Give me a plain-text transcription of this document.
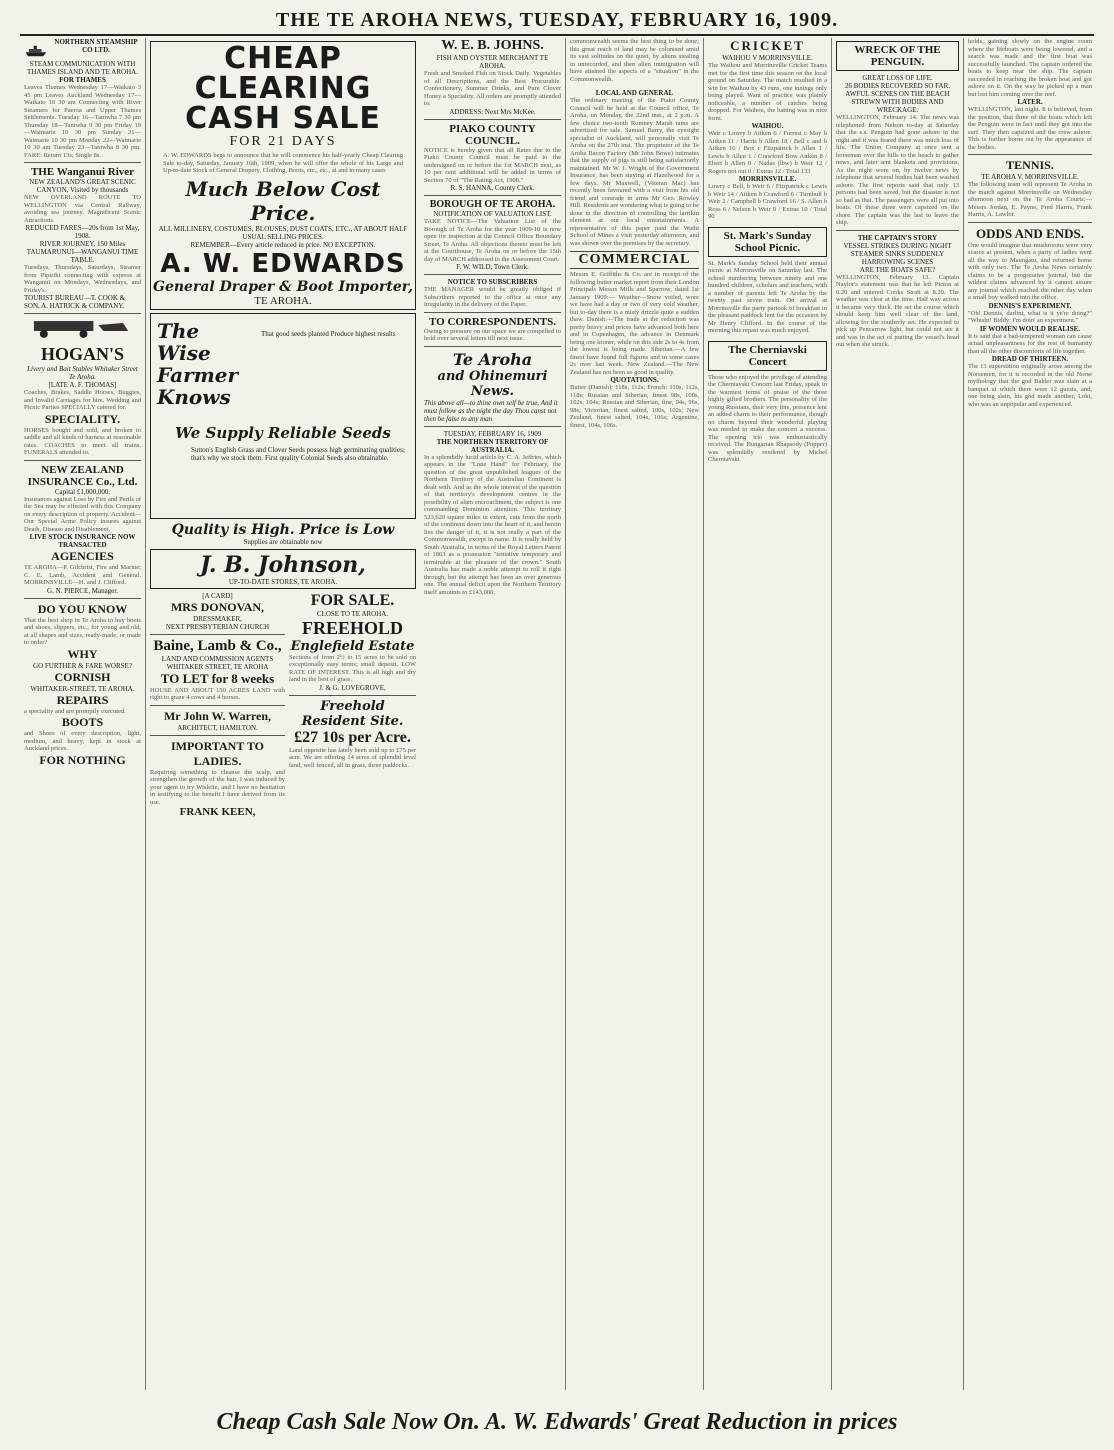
THE TE AROHA NEWS,
TUESDAY,
FEBRUARY 16, 1909.
NORTHERN STEAMSHIP CO LTD.
STEAM COMMUNICATION WITH THAMES ISLAND AND TE AROHA.
FOR THAMES
Leaves Thames Wednesday 17—Waikato 3 45 pm Leaves Auckland Wednesday 17—Waikato 10 30 am Connecting with River Steamers for Paeroa and Upper Thames Settlements. Tuesday 16—Taniwha 7 30 pm Thursday 18—Taniwha 9 30 pm Friday 19—Waimarie 10 30 pm Sunday 21—Waimarie 10 30 pm Monday 22—Waimarie 10 30 am Tuesday 23—Taniwha 8 30 pm. FARE: Return 13s; Single 8s.
THE Wanganui River
NEW ZEALAND'S GREAT SCENIC CANYON, Visited by thousands
NEW OVERLAND ROUTE TO WELLINGTON via Central Railway, avoiding sea journey. Magnificent Scenic Attractions.
REDUCED FARES—20s from 1st May, 1908.
RIVER JOURNEY, 150 Miles
TAUMARUNUI—WANGANUI TIME TABLE.
Tuesdays, Thursdays, Saturdays, Steamer from Pipiriki connecting with express at Wanganui on Mondays, Wednesdays, and Friday's.
TOURIST BUREAU—T. COOK & SON, A. HATRICK & COMPANY.
HOGAN'S
Livery and Bait Stables Whitaker Street Te Aroha.
[LATE A. F. THOMAS]
Coaches, Brakes, Saddle Horses, Buggies, and Invalid Carriages for hire. Wedding and Picnic Parties SPECIALLY catered for.
SPECIALITY.
HORSES bought and sold, and broken to saddle and all kinds of harness at reasonable rates. COACHES to meet all trains. FUNERALS attended to.
NEW ZEALAND INSURANCE Co., Ltd.
Capital £1,000,000.
Insurances against Loss by Fire and Perils of the Sea may be effected with this Company on every description of property. Accident—Our Special Acme Policy insures against Death, Disease and Disablement.
LIVE STOCK INSURANCE NOW TRANSACTED
AGENCIES
TE AROHA—P. Gilchrist, Fire and Marine; C. E. Lamb, Accident and General. MORRINSVILLE—H. and J. Clifford.
G. N. PIERCE, Manager.
DO YOU KNOW
That the best shop in Te Aroha to buy boots and shoes, slippers, etc., for young and old, at all shapes and sizes, ready-made, or made to order?
WHY
GO FURTHER & FARE WORSE?
CORNISH
WHITAKER-STREET, TE AROHA.
REPAIRS
a speciality and are promptly executed.
BOOTS
and Shoes of every description, light, medium, and heavy, kept in stock at Auckland prices.
FOR NOTHING
CHEAP CLEARING
CASH SALE
FOR 21 DAYS
A. W. EDWARDS begs to announce that he will commence his half-yearly Cheap Clearing Sale to-day, Saturday, January 16th, 1909, when he will offer the whole of his Large and Up-to-date Stock of General Drapery, Clothing, Boots, etc., etc., at and in many cases
Much Below Cost Price.
ALL MILLINERY, COSTUMES, BLOUSES, DUST COATS, ETC., AT ABOUT HALF USUAL SELLING PRICES.
REMEMBER—Every article reduced in price. NO EXCEPTION.
A. W. EDWARDS
General Draper & Boot Importer,
TE AROHA.
The
Wise
Farmer
Knows
That good seeds planted Produce highest results
We Supply Reliable Seeds
Sutton's English Grass and Clover Seeds possess high germinating qualities; that's why we stock them. First quality Colonial Seeds also obtainable.
Quality is High. Price is Low
Supplies are obtainable now
J. B. Johnson,
UP-TO-DATE STORES, TE AROHA.
[A CARD]
MRS DONOVAN,
DRESSMAKER,
NEXT PRESBYTERIAN CHURCH
Baine, Lamb & Co.,
LAND AND COMMISSION AGENTS
WHITAKER STREET, TE AROHA
TO LET for 8 weeks
HOUSE AND ABOUT 150 ACRES LAND with right to graze 4 cows and 4 horses.
Mr John W. Warren,
ARCHITECT, HAMILTON.
IMPORTANT TO LADIES.
Requiring something to cleanse the scalp, and strengthen the growth of the hair, I was induced by your agent to try Wisleite, and I have no hesitation in testifying to the benefit I have derived from its use.
FRANK KEEN,
FOR SALE.
CLOSE TO TE AROHA.
FREEHOLD
Englefield Estate
Sections of from 2½ to 15 acres to be sold on exceptionally easy terms; small deposit. LOW RATE OF INTEREST. This is all high and dry land in the best of grass.
J. & G. LOVEGROVE,
Freehold Resident Site.
£27 10s per Acre.
Land opposite has lately been sold up to £75 per acre. We are offering 14 acres of splendid level land, well fenced, all in grass, three paddocks.
W. E. B. JOHNS.
FISH AND OYSTER MERCHANT TE AROHA.
Fresh and Smoked Fish on Stock Daily. Vegetables of all Descriptions, and the Best Procurable. Confectionery, Summer Drinks, and Pure Clover Honey a Speciality. All orders are promptly attended to.
ADDRESS: Next Mrs McKee.
PIAKO COUNTY COUNCIL.
NOTICE is hereby given that all Rates due to the Piako County Council must be paid to the undersigned on or before the 1st MARCH next, as 10 per cent additional will be added in terms of Section 70 of "The Rating Act, 1908."
R. S. HANNA, County Clerk.
BOROUGH OF TE AROHA.
NOTIFICATION OF VALUATION LIST.
TAKE NOTICE—The Valuation List of the Borough of Te Aroha for the year 1909-10 is now open for inspection at the Council Office Boundary Street, Te Aroha. All objections thereto must be left at the Courthouse, Te Aroha on or before the 15th day of MARCH addressed to the Assessment Court.
F. W. WILD, Town Clerk.
NOTICE TO SUBSCRIBERS
THE MANAGER would be greatly obliged if Subscribers reported to the office at once any irregularity in the delivery of the Paper.
TO CORRESPONDENTS.
Owing to pressure on our space we are compelled to hold over several letters till next issue.
Te Aroha
and Ohinemuri News.
This above all—to thine own self be true, And it must follow as the night the day Thou canst not then be false to any man
TUESDAY, FEBRUARY 16, 1909
THE NORTHERN TERRITORY OF AUSTRALIA.
In a splendidly lucid article by C. A. Jeffries, which appears in the "Lone Hand" for February, the question of the great unpublished leagues of the Northern Territory of the Australian Continent is dealt with. And as the whole interest of the question of that territory's development centres in the possibility of alien encroachment, the subject is one commanding Dominion attention. This territory 523,620 square miles in extent, cuts from the north of the continent down into the heart of it, and herein lies the danger of it, it is not really a part of the Commonwealth, except in name. It is really held by South Australia, in terms of the Royal Letters Patent of 1863 as a possession "tentative temporary and terminable at the pleasure of the crown." South Australia has made a noble attempt to roll it right through, but the attempt has been an over generous one. The annual deficit upon the Northern Territory itself amounts to £143,000.
commonwealth seems the best thing to be done; this great reach of land may be colonised amid its vast solitudes on the quiet, by aliens stealing in unrecorded, and then alien immigration will have attained the aspects of a "situation" in the Commonwealth.
LOCAL AND GENERAL
The ordinary meeting of the Piako County Council will be held at the Council office, Te Aroha, on Monday, the 22nd inst., at 2 p.m. A few choice two-tooth Romney Marsh rams are advertised for sale. Samuel Barry, the eyesight specialist of Auckland, will personally visit Te Aroha on the 27th inst. The proprietor of the Te Aroha Bacon Factory (Mr John Bowe) intimates that the supply of pigs is still being satisfactorily maintained. Mr W. J. Wright of the Government Insurance, has been staying at Hazelwood for a few days. Mr Maxwell, (Veteran Mac) has recently been favoured with a visit from his old friend and comrade in arms Mr Geo. Rowley Hill. Residents are wondering what is going to be done in the direction of controlling the larrikin element at our local entertainments. A representative of this paper paid the Waihi School of Mines a visit yesterday afternoon, and was shown over the premises by the secretary.
COMMERCIAL
Messrs E. Griffiths & Co. are in receipt of the following butter market report from their London Principals Messrs Mills and Sparrow, dated 1st January 1909:— Weather—Snow voiled, wore we have had a day or two of very cold weather, but to-day there is a misty drizzle quite a sudden thaw. Danish.—The trade at the reduction was pretty heavy and prices have advanced both here and in Copenhagen, the advance in Denmark being one kroner, while on this side 2s to 4s from the lowest is being made. Siberian.—A few finest have found full figures and in some cases 2s over last week. New Zealand.—The New Zealand has not been so good in quality.
QUOTATIONS.
Butter (Danish): 118s, 112s; French: 110s, 112s, 118s; Russian and Siberian, finest 98s, 100s, 102s, 104s; Russian and Siberian, fine, 94s, 96s, 98s; Victorian, finest salted, 100s, 102s; New Zealand, finest salted, 104s, 106s; Argentine, finest, 104s, 106s.
CRICKET
WAIHOU V MORRINSVILLE.
The Waihou and Morrinsville Cricket Teams met for the first time this season on the local ground on Saturday. The match resulted in a win for Waihou by 43 runs, one innings only being played. Want of practice was plainly noticeable, a number of catches being dropped. For Waihou, the batting was in nice form.
WAIHOU.
Weir c Lowry b Aitken 6 / Forrest c May b Aitken 11 / Harris b Allen 18 / Bell c and b Aitken 16 / Box c Fitzpatrick b Allen 1 / Lewis b Allen 1 / Crawford Bow Aitken 8 / Ebert b Allen 0 / Nadas (lbw) b Weir 12 / Rogers not out 0 / Extras 12 / Total 133
MORRINSVILLE.
Lowry c Bell, b Weir 6 / Fitzpatrick c Lewis b Weir 14 / Aitken b Crawford 6 / Turnbull b Weir 2 / Campbell b Crawford 16 / S. Allen b Ross 6 / Nelson b Weir 0 / Extras 10 / Total 90
St. Mark's Sunday School Picnic.
St. Mark's Sunday School held their annual picnic at Morrinsville on Saturday last. The school numbering between ninety and one hundred children, scholars and teachers, with a number of parents left Te Aroha by the twenty past seven train. On arrival at Morrinsville the party partook of breakfast in the pleasant paddock lent for the occasion by Mr Henry Clifford. In the course of the morning this repast was much enjoyed.
The Cherniavski Concert
Those who enjoyed the privilege of attending the Cherniavski Concert last Friday, speak in the warmest terms of praise of the three highly gifted brothers. The personality of the young Russians, their very fine, presence lent an added charm to their performance, though no charm beyond their wonderful playing was needed to make the concert a success. The opening trio was enthusiastically received. The Hungarian Rhapsody (Popper) was splendidly rendered by Michel Cherniavski.
WRECK OF THE PENGUIN.
GREAT LOSS OF LIFE.
26 BODIES RECOVERED SO FAR.
AWFUL SCENES ON THE BEACH
STREWN WITH BODIES AND WRECKAGE.
WELLINGTON, February 14. The news was telephoned from Nelson to-day at Saturday that the s.s. Penguin had gone ashore in the night and it was feared there was much loss of life. The Union Company at once sent a horseman over the hills to the beach to gather news, and later sent blankets and provisions. As the night wore on, by twelve news by telephone that several bodies had been washed ashore. The first reports said that only 13 persons had been saved, but the disaster is not so bad as that. The passengers were all put into boats. Of these three were capsized on the shore. The captain was the last to leave the ship.
THE CAPTAIN'S STORY
VESSEL STRIKES DURING NIGHT
STEAMER SINKS SUDDENLY
HARROWING SCENES
ARE THE BOATS SAFE?
WELLINGTON, February 13. Captain Naylor's statement was that he left Picton at 6.20 and entered Cooks Strait at 8.20. The weather was clear at the time. Half way across it became very thick. He set the course which should keep him well clear of the land, allowing for the southerly set. He expected to pick up Pencarrow light, but could not see it and was in the act of putting the vessel's head out when she struck.
holds, gaining slowly on the engine room where the lifeboats were being lowered, and a search was made and the first boat was successfully launched. The captain ordered the boats to keep near the ship. The captain succeeded in reaching the broken boat and got ashore on it. On the way he picked up a man but lost him coming over the reef.
LATER.
WELLINGTON, last night. It is believed, from the position, that three of the boats which left the Penguin were in fact until they got into the surf. They then capsized and the crew ashore. This is further borne out by the appearance of the bodies.
TENNIS.
TE AROHA V. MORRINSVILLE.
The following team will represent Te Aroha in the match against Morrinsville on Wednesday afternoon next on the Te Aroha Courts:—Messrs Jordan, E. Payne, Fred Harris, Frank Harris, A. Lawlor.
ODDS AND ENDS.
One would imagine that mushrooms were very scarce at present, when a party of ladies went all the way to Maungatu, and returned home with only two. The Te Aroha News certainly claims to be a progressive journal, but the wildest claims advanced by it cannot assure any journal which reached the other day when a small boy walked into the office.
DENNIS'S EXPERIMENT.
"Oh! Dennis, darlint, what is it ye're doing?" "Whisht! Biddy: I'm doin' an experiment."
IF WOMEN WOULD REALISE.
It is said that a bad-tempered woman can cause actual unpleasantness for the rest of humanity than all the other discomforts of life together.
DREAD OF THIRTEEN.
The 13 superstition originally arose among the Norsemen, for it is recorded in the old Norse mythology that the god Balder was slain at a banquet at which there were 12 guests, and, one being slain, his god made another, Loki, who was an unpopular and experienced.
Cheap Cash Sale Now On. A. W. Edwards' Great Reduction in prices
